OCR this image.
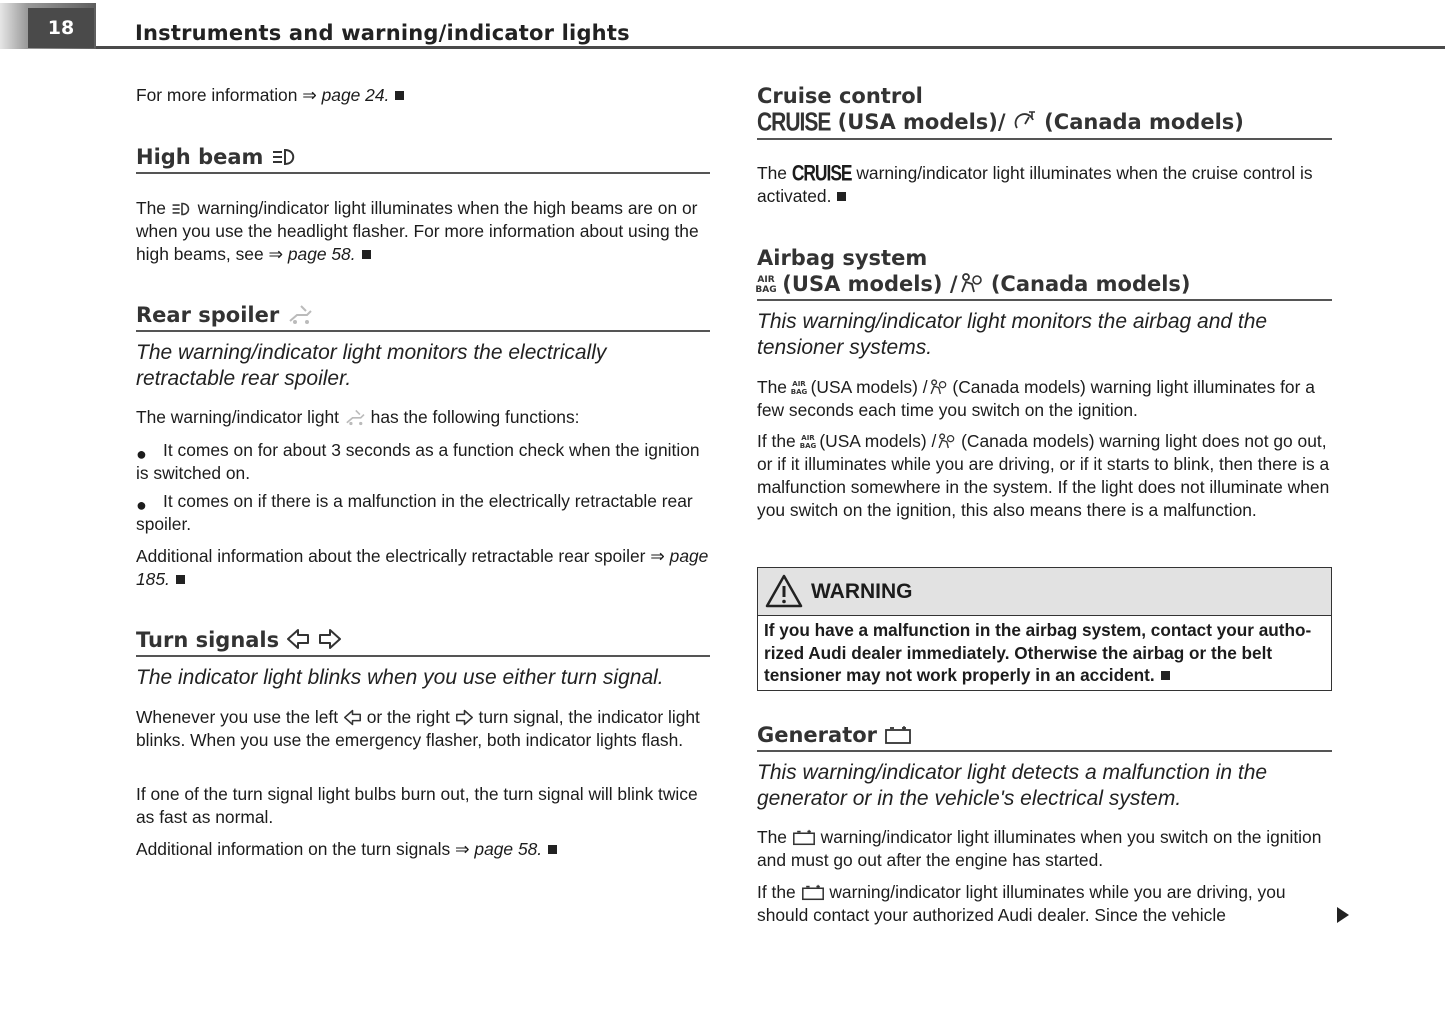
18	Instruments and warning/indicator lights

For more information ⇒ page 24.

High beam

The  warning/indicator light illuminates when the high beams are on or when you use the headlight flasher. For more information about using the high beams, see ⇒ page 58.

Rear spoiler

The warning/indicator light monitors the electrically retractable rear spoiler.

The warning/indicator light  has the following functions:

● It comes on for about 3 seconds as a function check when the ignition is switched on.
● It comes on if there is a malfunction in the electrically retractable rear spoiler.

Additional information about the electrically retractable rear spoiler ⇒ page 185.

Turn signals

The indicator light blinks when you use either turn signal.

Whenever you use the left  or the right  turn signal, the indicator light blinks. When you use the emergency flasher, both indicator lights flash.

If one of the turn signal light bulbs burn out, the turn signal will blink twice as fast as normal.

Additional information on the turn signals ⇒ page 58.

Cruise control
CRUISE (USA models)/  (Canada models)

The CRUISE warning/indicator light illuminates when the cruise control is activated.

Airbag system
AIR
BAG
(USA models) / (Canada models)

This warning/indicator light monitors the airbag and the tensioner systems.

The AIR
BAG
(USA models) / (Canada models) warning light illuminates for a few seconds each time you switch on the ignition.

If the AIR
BAG
(USA models) / (Canada models) warning light does not go out, or if it illuminates while you are driving, or if it starts to blink, then there is a malfunction somewhere in the system. If the light does not illuminate when you switch on the ignition, this also means there is a malfunction.

WARNING
If you have a malfunction in the airbag system, contact your authorized Audi dealer immediately. Otherwise the airbag or the belt tensioner may not work properly in an accident.
Generator

This warning/indicator light detects a malfunction in the generator or in the vehicle's electrical system.

The  warning/indicator light illuminates when you switch on the ignition and must go out after the engine has started.

If the  warning/indicator light illuminates while you are driving, you should contact your authorized Audi dealer. Since the vehicle
